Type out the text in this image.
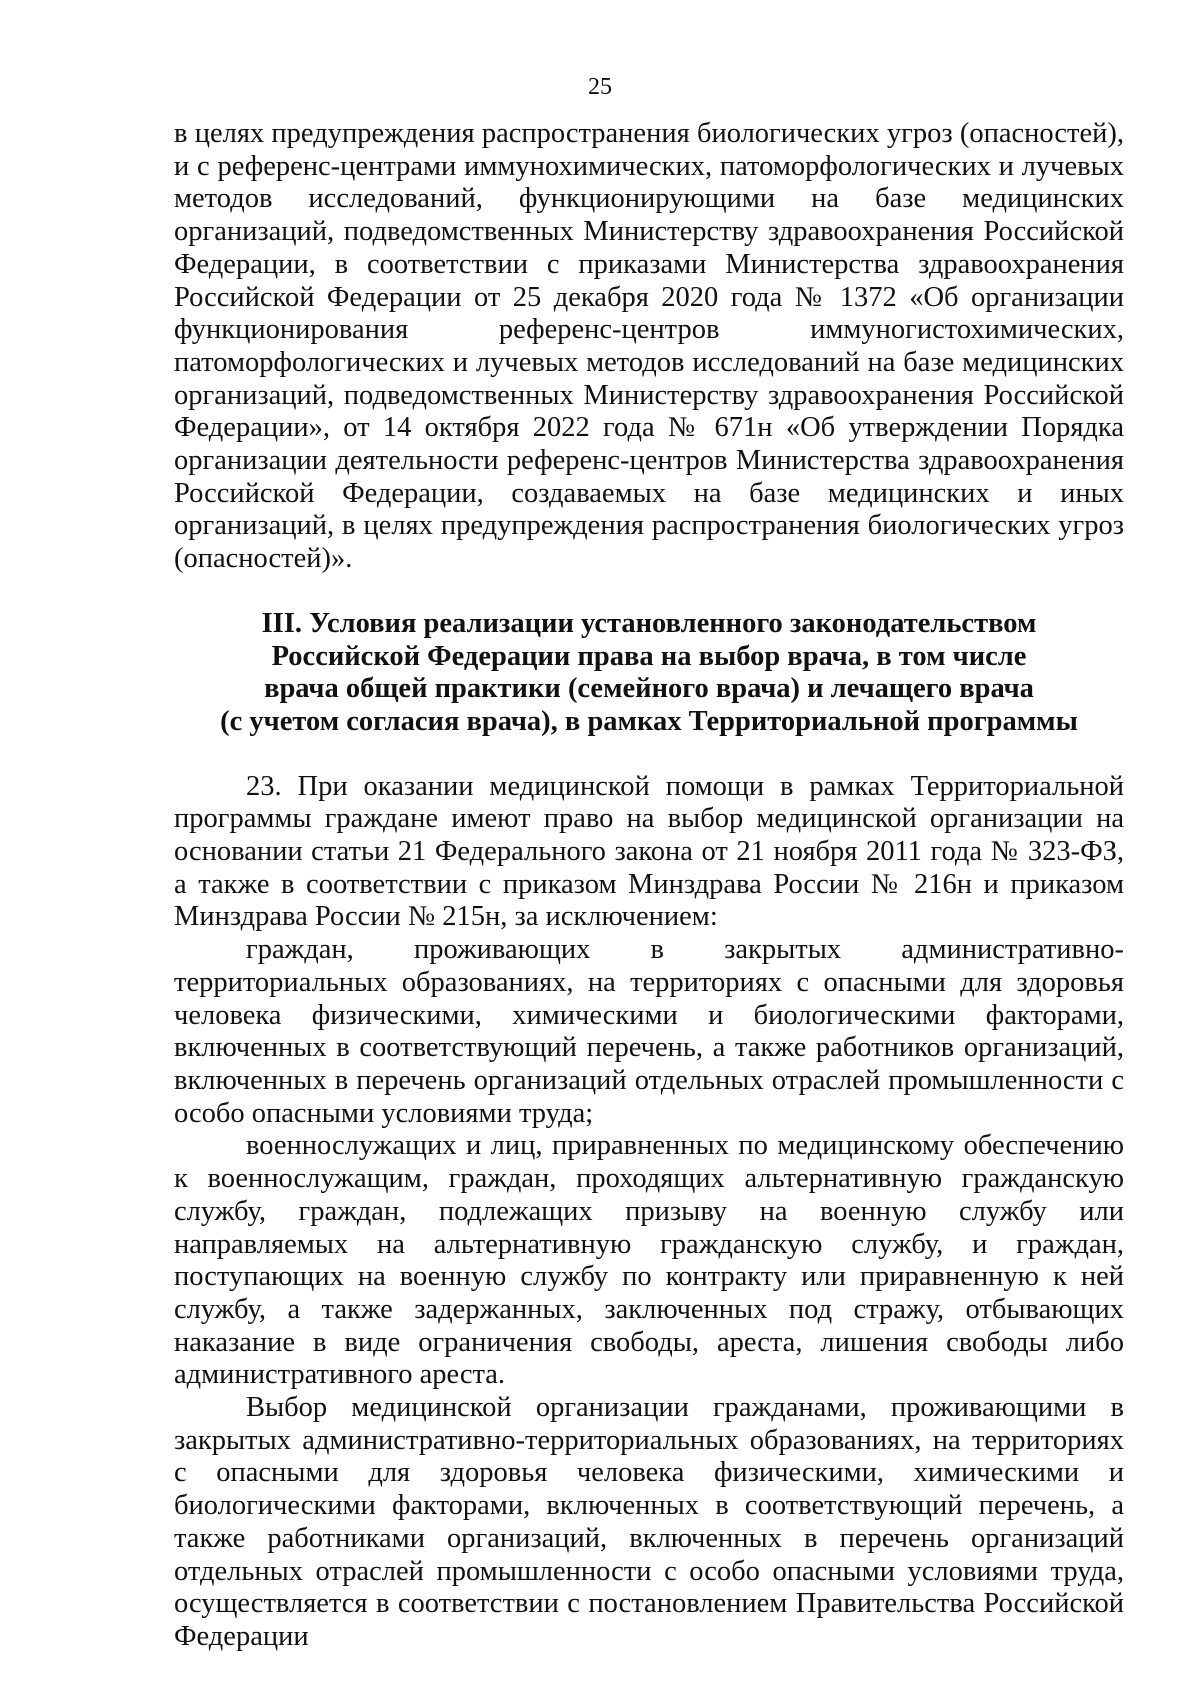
25

в целях предупреждения распространения биологических угроз (опасностей), и с референс-центрами иммунохимических, патоморфологических и лучевых методов исследований, функционирующими на базе медицинских организаций, подведомственных Министерству здравоохранения Российской Федерации, в соответствии с приказами Министерства здравоохранения Российской Федерации от 25 декабря 2020 года № 1372 «Об организации функционирования референс-центров иммуногистохимических, патоморфологических и лучевых методов исследований на базе медицинских организаций, подведомственных Министерству здравоохранения Российской Федерации», от 14 октября 2022 года № 671н «Об утверждении Порядка организации деятельности референс-центров Министерства здравоохранения Российской Федерации, создаваемых на базе медицинских и иных организаций, в целях предупреждения распространения биологических угроз (опасностей)».

III. Условия реализации установленного законодательством
Российской Федерации права на выбор врача, в том числе
врача общей практики (семейного врача) и лечащего врача
(с учетом согласия врача), в рамках Территориальной программы

23. При оказании медицинской помощи в рамках Территориальной программы граждане имеют право на выбор медицинской организации на основании статьи 21 Федерального закона от 21 ноября 2011 года № 323-ФЗ, а также в соответствии с приказом Минздрава России № 216н и приказом Минздрава России № 215н, за исключением:

граждан, проживающих в закрытых административно-территориальных образованиях, на территориях с опасными для здоровья человека физическими, химическими и биологическими факторами, включенных в соответствующий перечень, а также работников организаций, включенных в перечень организаций отдельных отраслей промышленности с особо опасными условиями труда;

военнослужащих и лиц, приравненных по медицинскому обеспечению к военнослужащим, граждан, проходящих альтернативную гражданскую службу, граждан, подлежащих призыву на военную службу или направляемых на альтернативную гражданскую службу, и граждан, поступающих на военную службу по контракту или приравненную к ней службу, а также задержанных, заключенных под стражу, отбывающих наказание в виде ограничения свободы, ареста, лишения свободы либо административного ареста.

Выбор медицинской организации гражданами, проживающими в закрытых административно-территориальных образованиях, на территориях с опасными для здоровья человека физическими, химическими и биологическими факторами, включенных в соответствующий перечень, а также работниками организаций, включенных в перечень организаций отдельных отраслей промышленности с особо опасными условиями труда, осуществляется в соответствии с постановлением Правительства Российской Федерации
